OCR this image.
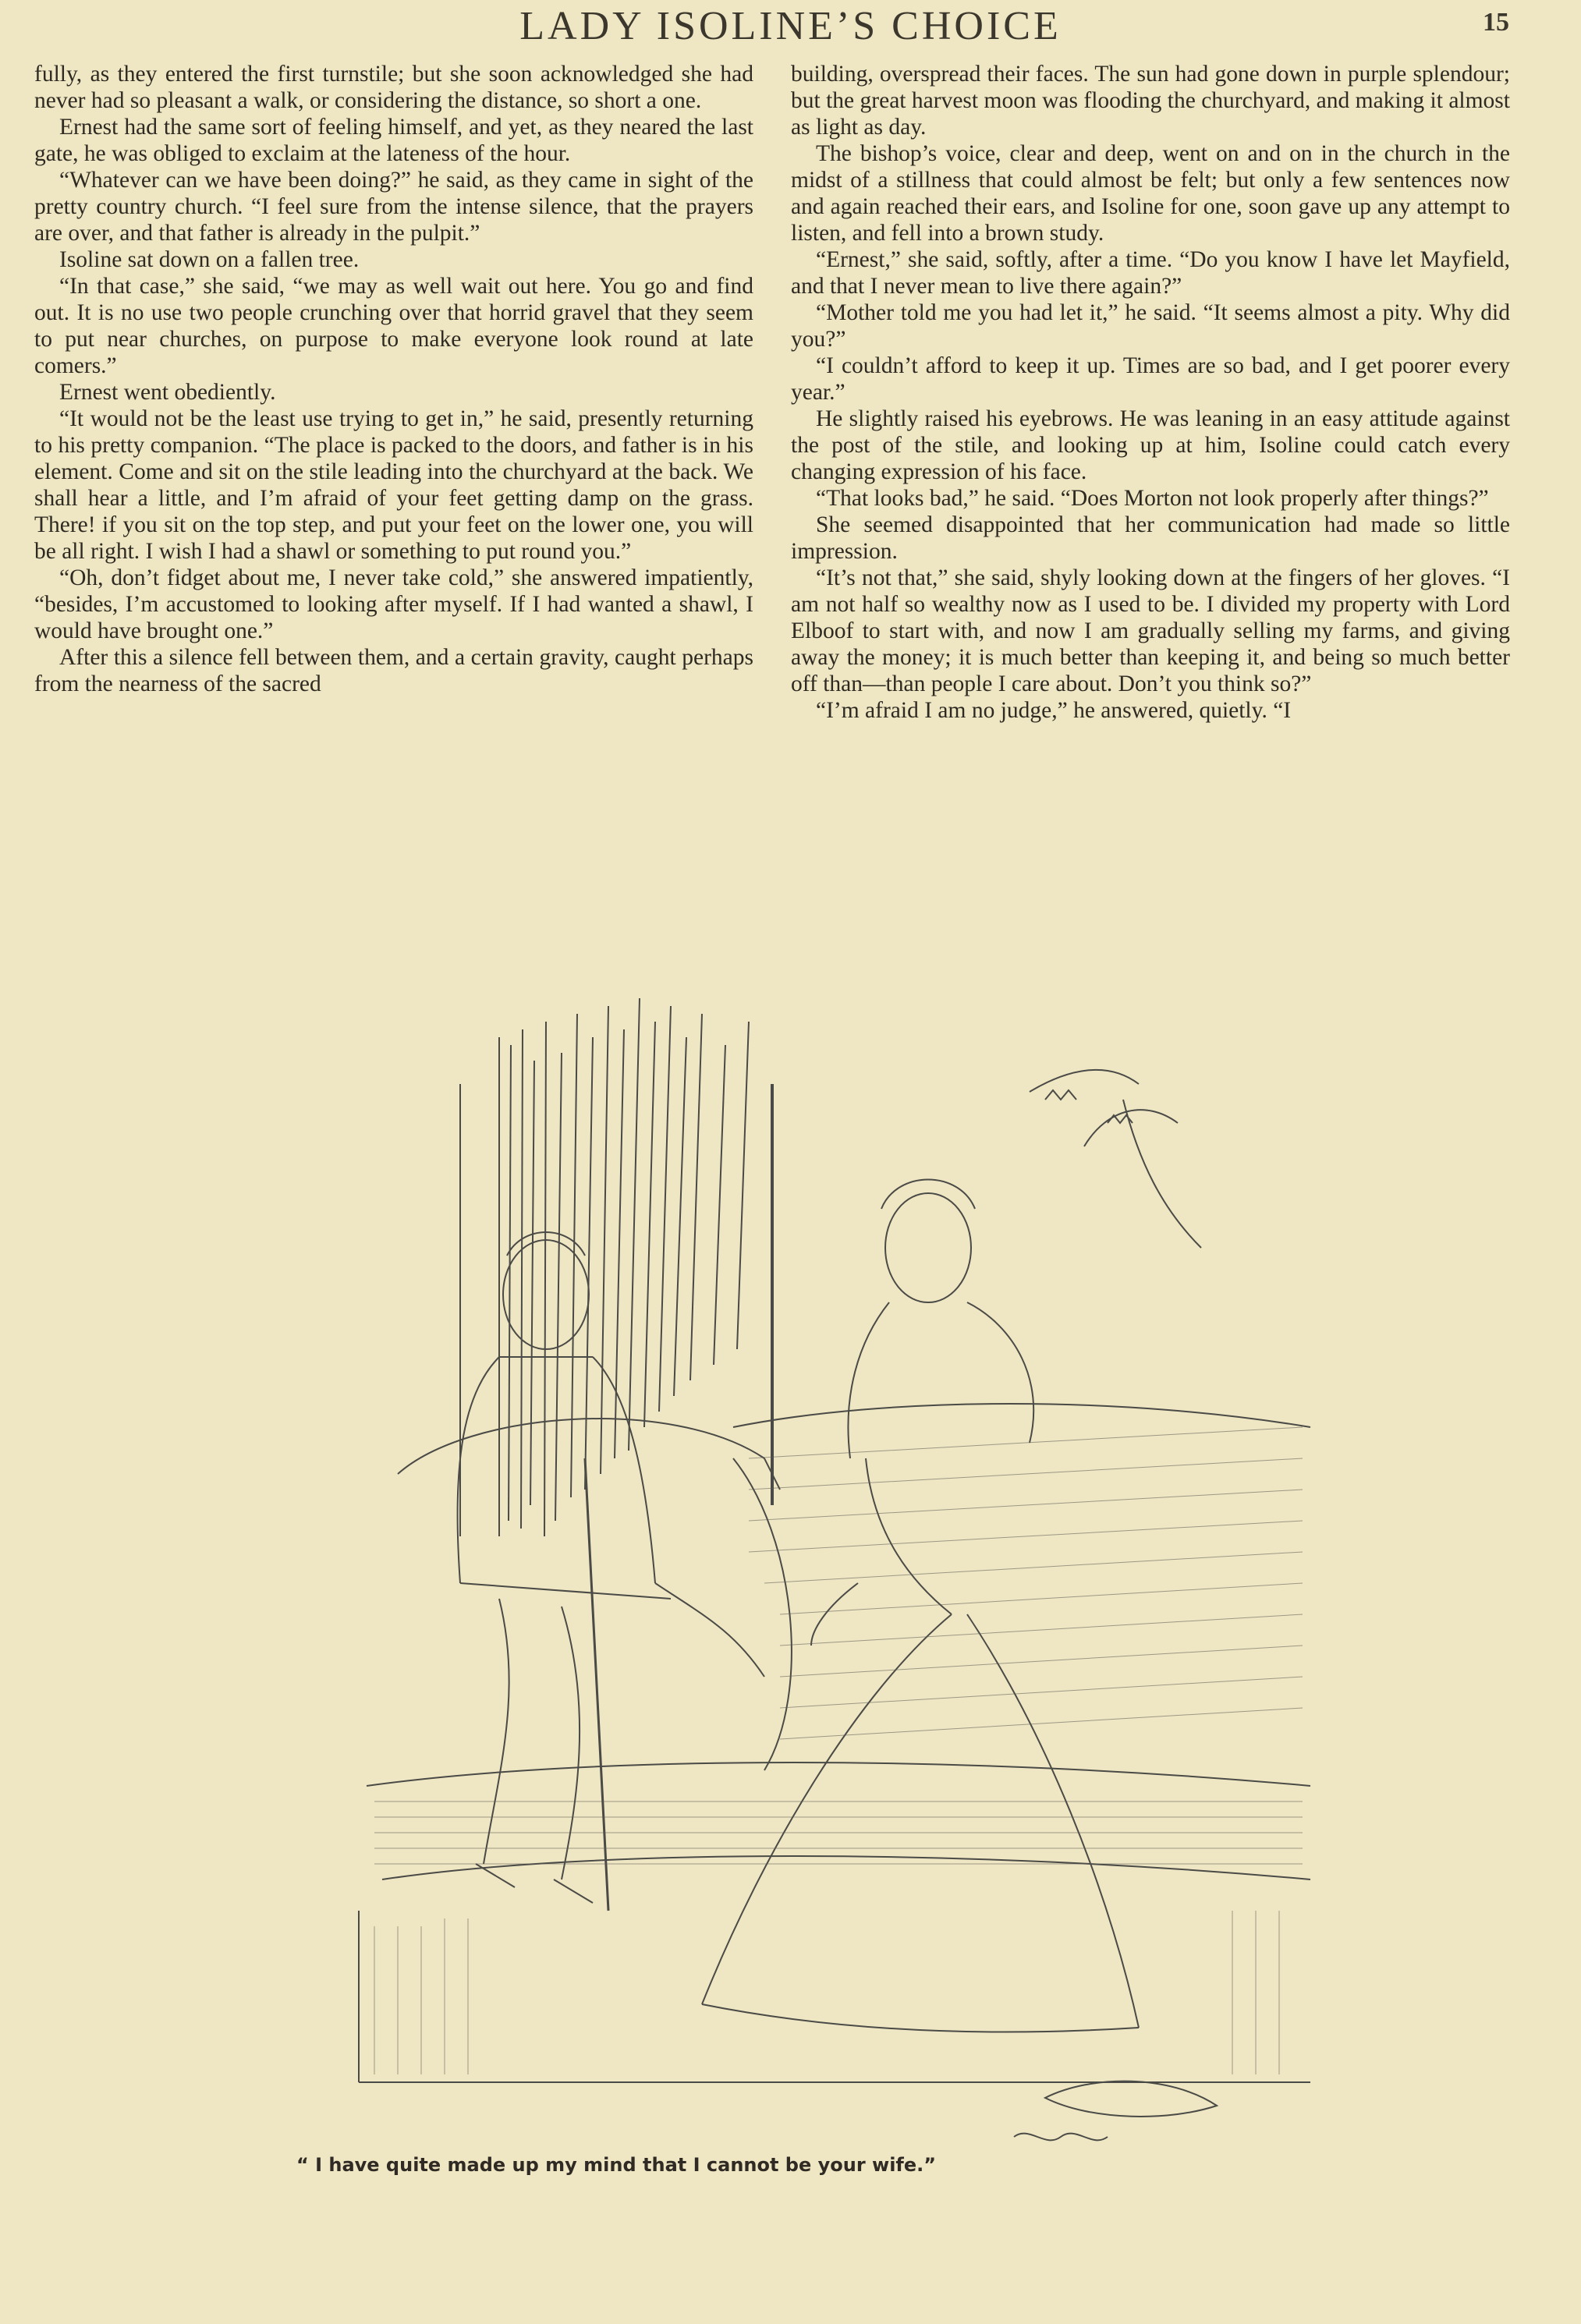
LADY ISOLINE’S CHOICE	15

fully, as they entered the first turnstile; but she soon acknowledged she had never had so pleasant a walk, or considering the distance, so short a one.

Ernest had the same sort of feeling himself, and yet, as they neared the last gate, he was obliged to exclaim at the lateness of the hour.

“Whatever can we have been doing?” he said, as they came in sight of the pretty country church. “I feel sure from the intense silence, that the prayers are over, and that father is already in the pulpit.”

Isoline sat down on a fallen tree.

“In that case,” she said, “we may as well wait out here. You go and find out. It is no use two people crunching over that horrid gravel that they seem to put near churches, on purpose to make everyone look round at late comers.”

Ernest went obediently.

“It would not be the least use trying to get in,” he said, presently returning to his pretty companion. “The place is packed to the doors, and father is in his element. Come and sit on the stile leading into the churchyard at the back. We shall hear a little, and I’m afraid of your feet getting damp on the grass. There! if you sit on the top step, and put your feet on the lower one, you will be all right. I wish I had a shawl or something to put round you.”

“Oh, don’t fidget about me, I never take cold,” she answered impatiently, “besides, I’m accustomed to looking after myself. If I had wanted a shawl, I would have brought one.”

After this a silence fell between them, and a certain gravity, caught perhaps from the nearness of the sacred

building, overspread their faces. The sun had gone down in purple splendour; but the great harvest moon was flooding the churchyard, and making it almost as light as day.

The bishop’s voice, clear and deep, went on and on in the church in the midst of a stillness that could almost be felt; but only a few sentences now and again reached their ears, and Isoline for one, soon gave up any attempt to listen, and fell into a brown study.

“Ernest,” she said, softly, after a time. “Do you know I have let Mayfield, and that I never mean to live there again?”

“Mother told me you had let it,” he said. “It seems almost a pity. Why did you?”

“I couldn’t afford to keep it up. Times are so bad, and I get poorer every year.”

He slightly raised his eyebrows. He was leaning in an easy attitude against the post of the stile, and looking up at him, Isoline could catch every changing expression of his face.

“That looks bad,” he said. “Does Morton not look properly after things?”

She seemed disappointed that her communication had made so little impression.

“It’s not that,” she said, shyly looking down at the fingers of her gloves. “I am not half so wealthy now as I used to be. I divided my property with Lord Elboof to start with, and now I am gradually selling my farms, and giving away the money; it is much better than keeping it, and being so much better off than—than people I care about. Don’t you think so?”

“I’m afraid I am no judge,” he answered, quietly. “I

“ I have quite made up my mind that I cannot be your wife.”
